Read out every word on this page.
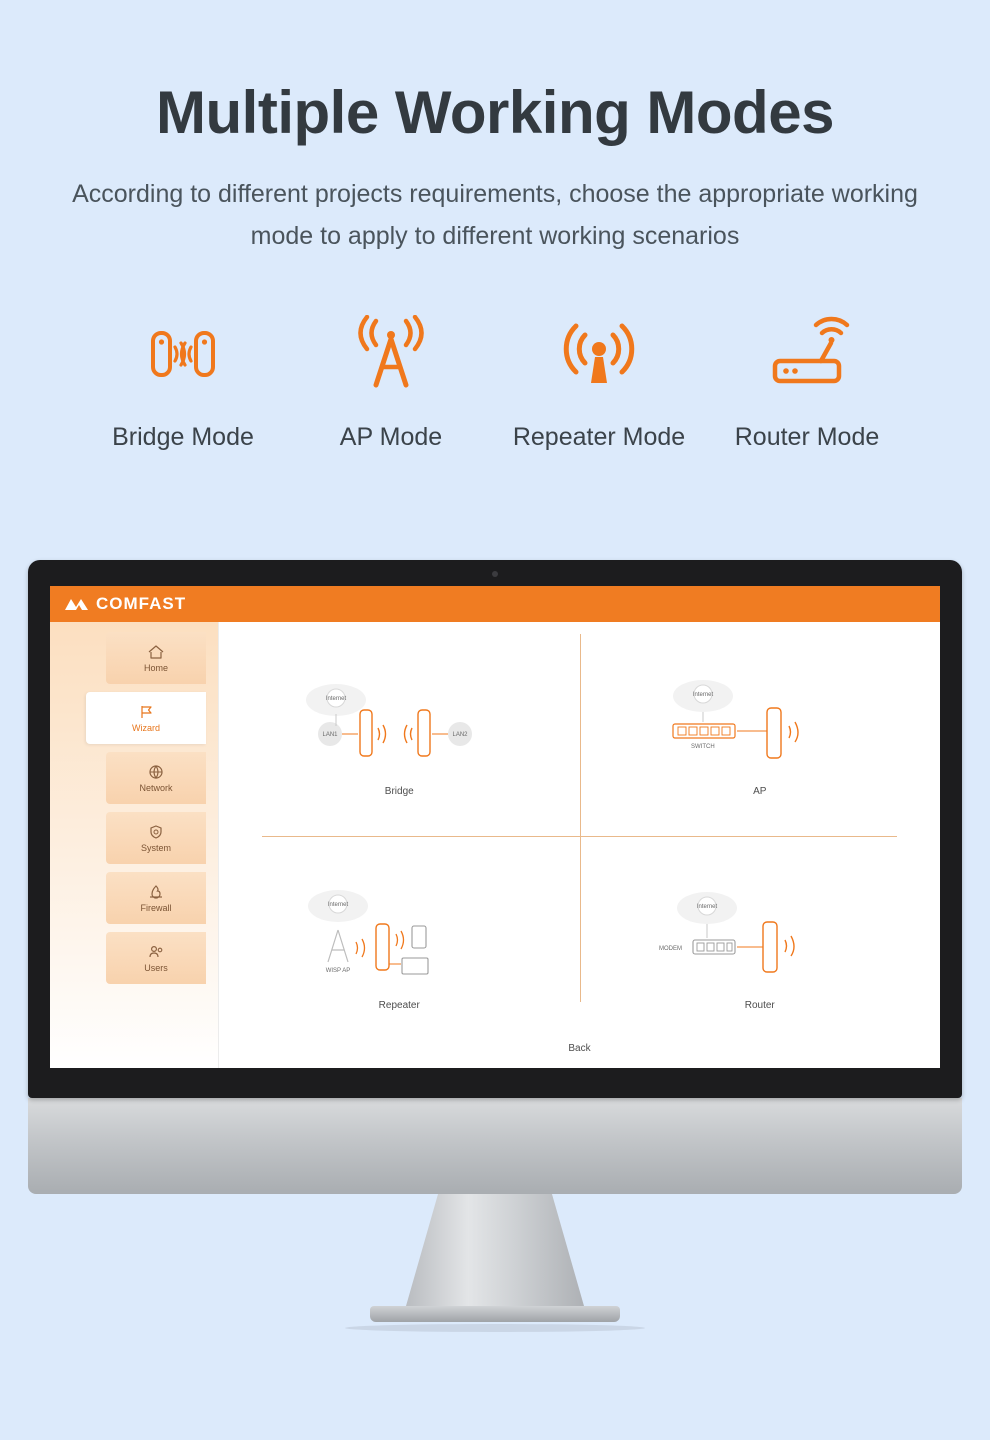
Multiple Working Modes

According to different projects requirements, choose the appropriate working mode to apply to different working scenarios

Bridge Mode	AP Mode	Repeater Mode	Router Mode
COMFAST
Home
Wizard
Network
System
Firewall
Users
Internet
LAN1	LAN2
Bridge
Internet
SWITCH
AP
Internet
WISP AP
Repeater
Internet
MODEM
Router
Back
